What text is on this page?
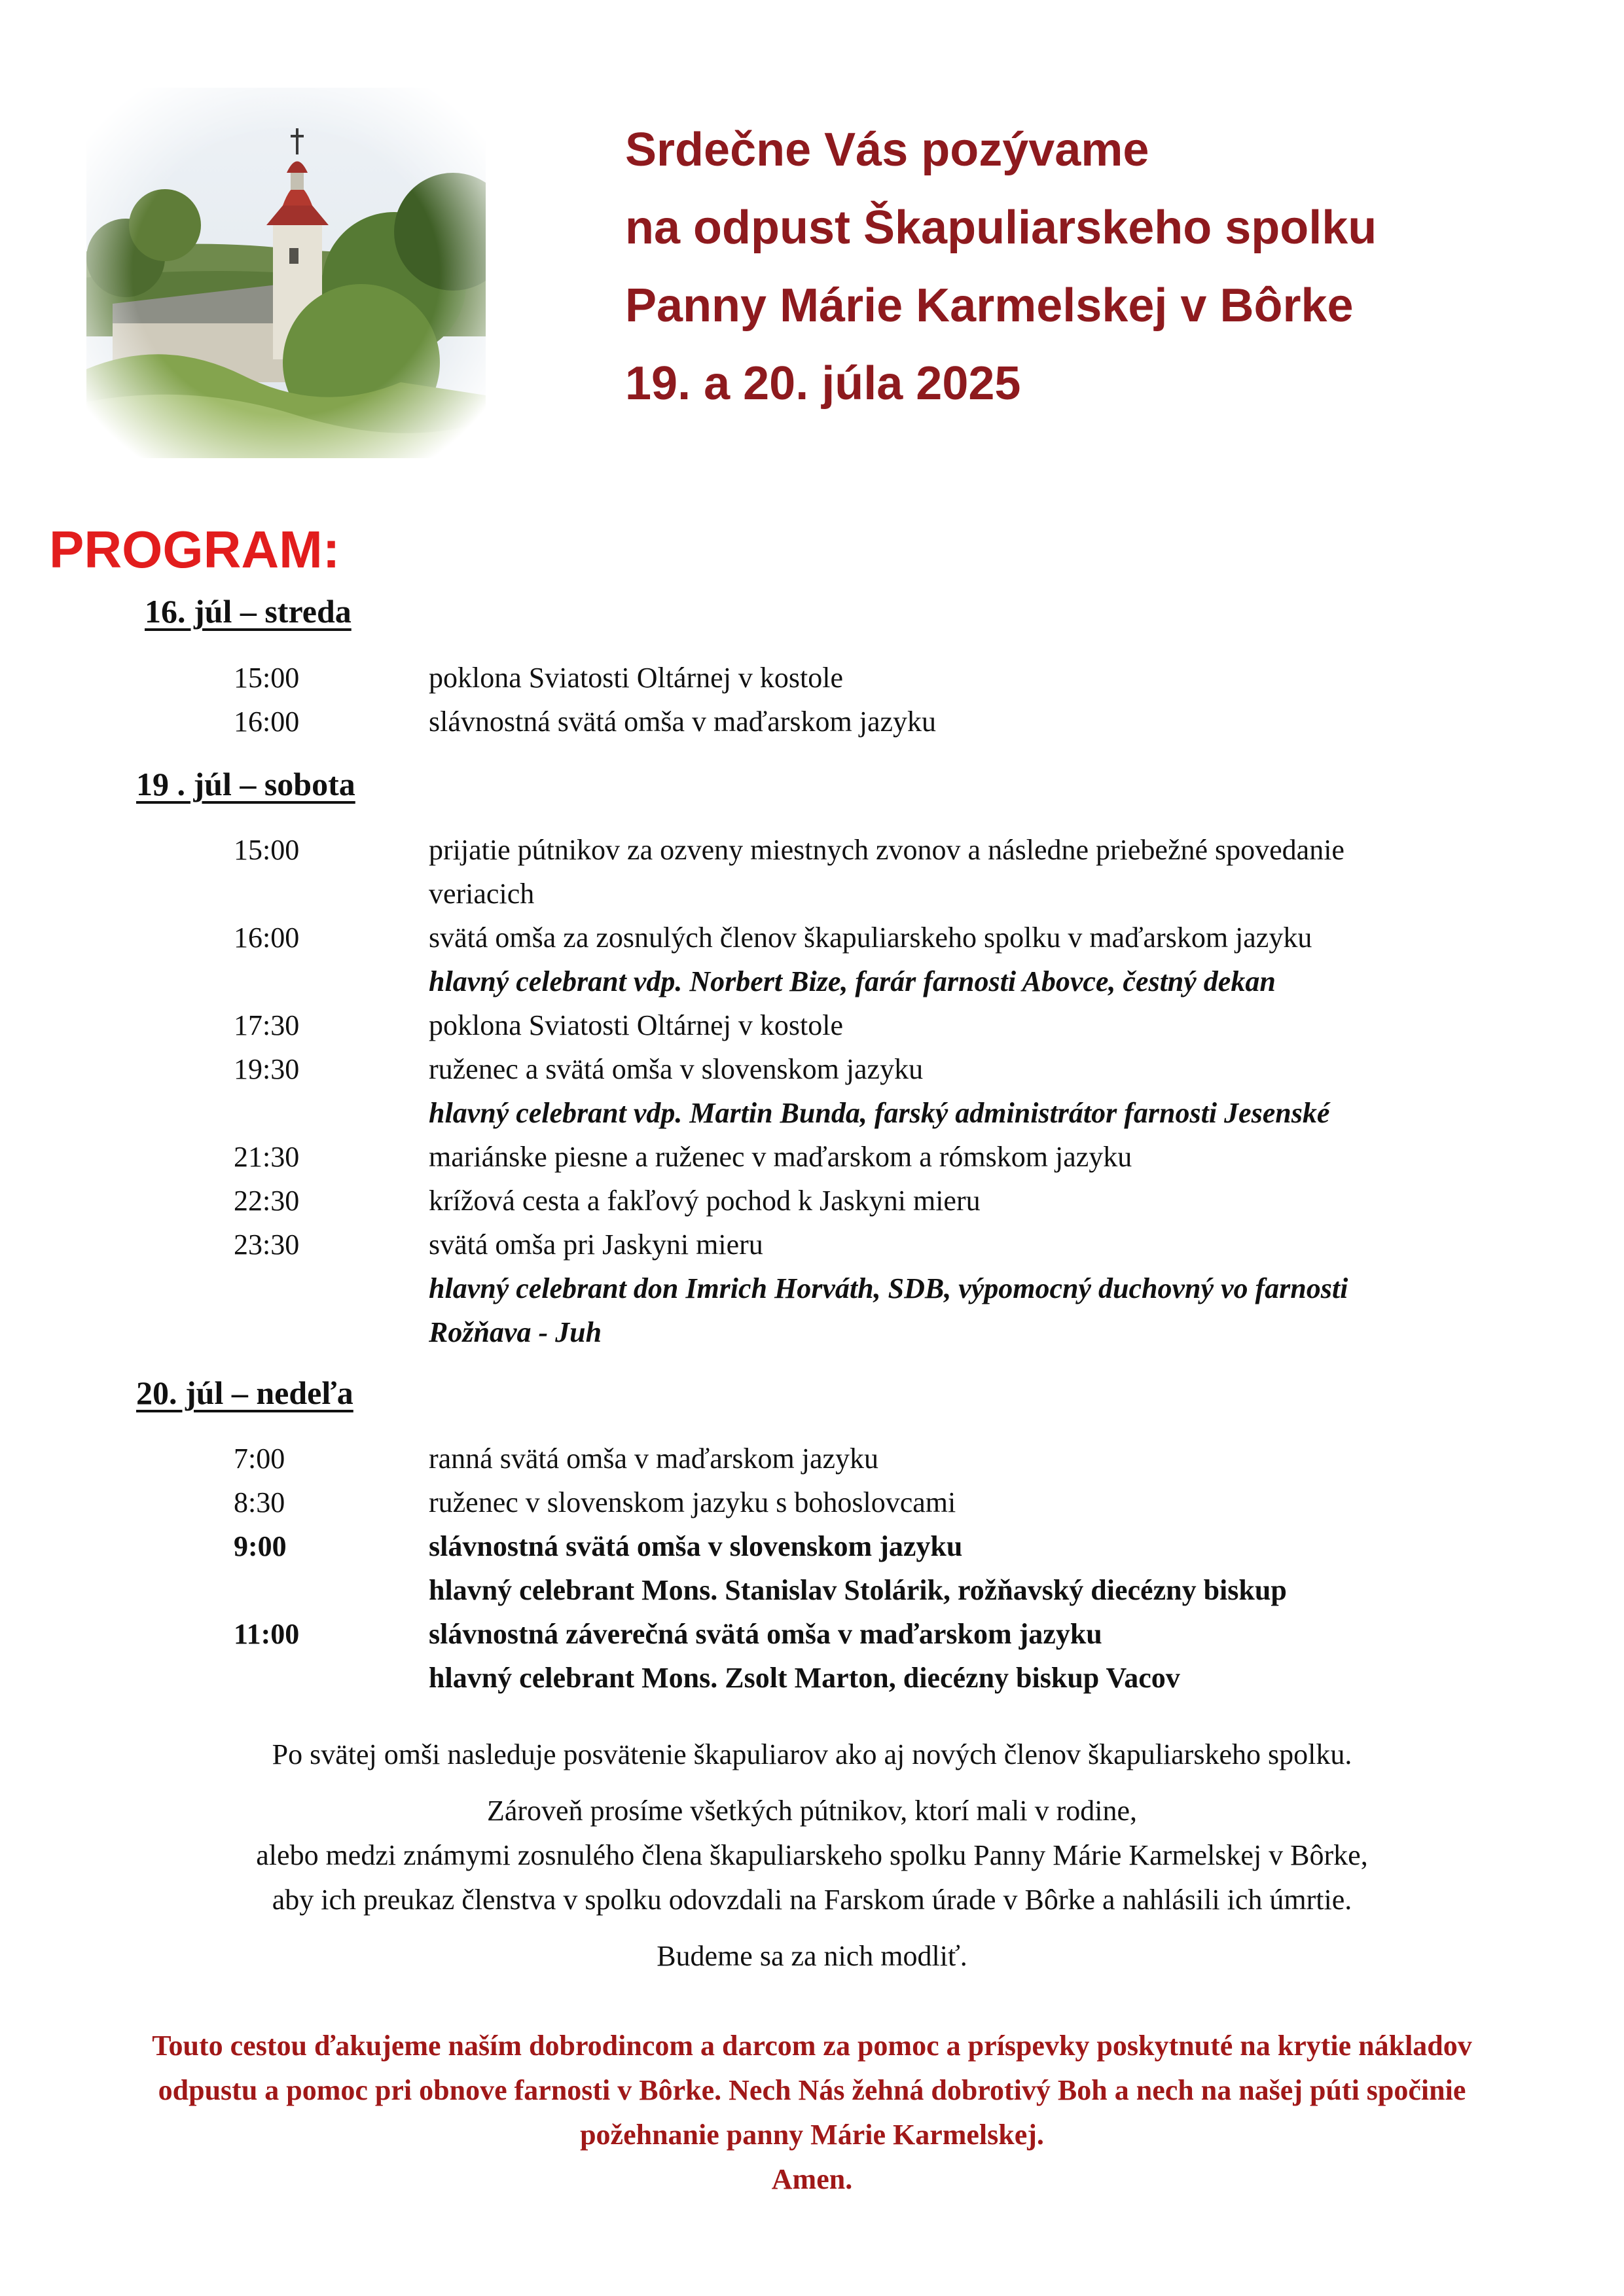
Srdečne Vás pozývame
na odpust Škapuliarskeho spolku
Panny Márie Karmelskej v Bôrke
19. a 20. júla 2025
PROGRAM:
16. júl – streda
15:00	poklona Sviatosti Oltárnej v kostole
16:00	slávnostná svätá omša v maďarskom jazyku
19 . júl – sobota
15:00	prijatie pútnikov za ozveny miestnych zvonov a následne priebežné spovedanie
veriacich
16:00	svätá omša za zosnulých členov škapuliarskeho spolku v maďarskom jazyku
hlavný celebrant vdp. Norbert Bize, farár farnosti Abovce, čestný dekan
17:30	poklona Sviatosti Oltárnej v kostole
19:30	ruženec a svätá omša v slovenskom jazyku
hlavný celebrant vdp. Martin Bunda, farský administrátor farnosti Jesenské
21:30	mariánske piesne a ruženec v maďarskom a rómskom jazyku
22:30	krížová cesta a fakľový pochod k Jaskyni mieru
23:30	svätá omša pri Jaskyni mieru
hlavný celebrant don Imrich Horváth, SDB, výpomocný duchovný vo farnosti
Rožňava - Juh
20. júl – nedeľa
7:00	ranná svätá omša v maďarskom jazyku
8:30	ruženec v slovenskom jazyku s bohoslovcami
9:00	slávnostná svätá omša v slovenskom jazyku
hlavný celebrant Mons. Stanislav Stolárik, rožňavský diecézny biskup
11:00	slávnostná záverečná svätá omša v maďarskom jazyku
hlavný celebrant Mons. Zsolt Marton, diecézny biskup Vacov

Po svätej omši nasleduje posvätenie škapuliarov ako aj nových členov škapuliarskeho spolku.

Zároveň prosíme všetkých pútnikov, ktorí mali v rodine,

alebo medzi známymi zosnulého člena škapuliarskeho spolku Panny Márie Karmelskej v Bôrke,

aby ich preukaz členstva v spolku odovzdali na Farskom úrade v Bôrke a nahlásili ich úmrtie.

Budeme sa za nich modliť.

Touto cestou ďakujeme naším dobrodincom a darcom za pomoc a príspevky poskytnuté na krytie nákladov

odpustu a pomoc pri obnove farnosti v Bôrke. Nech Nás žehná dobrotivý Boh a nech na našej púti spočinie

požehnanie panny Márie Karmelskej.

Amen.
